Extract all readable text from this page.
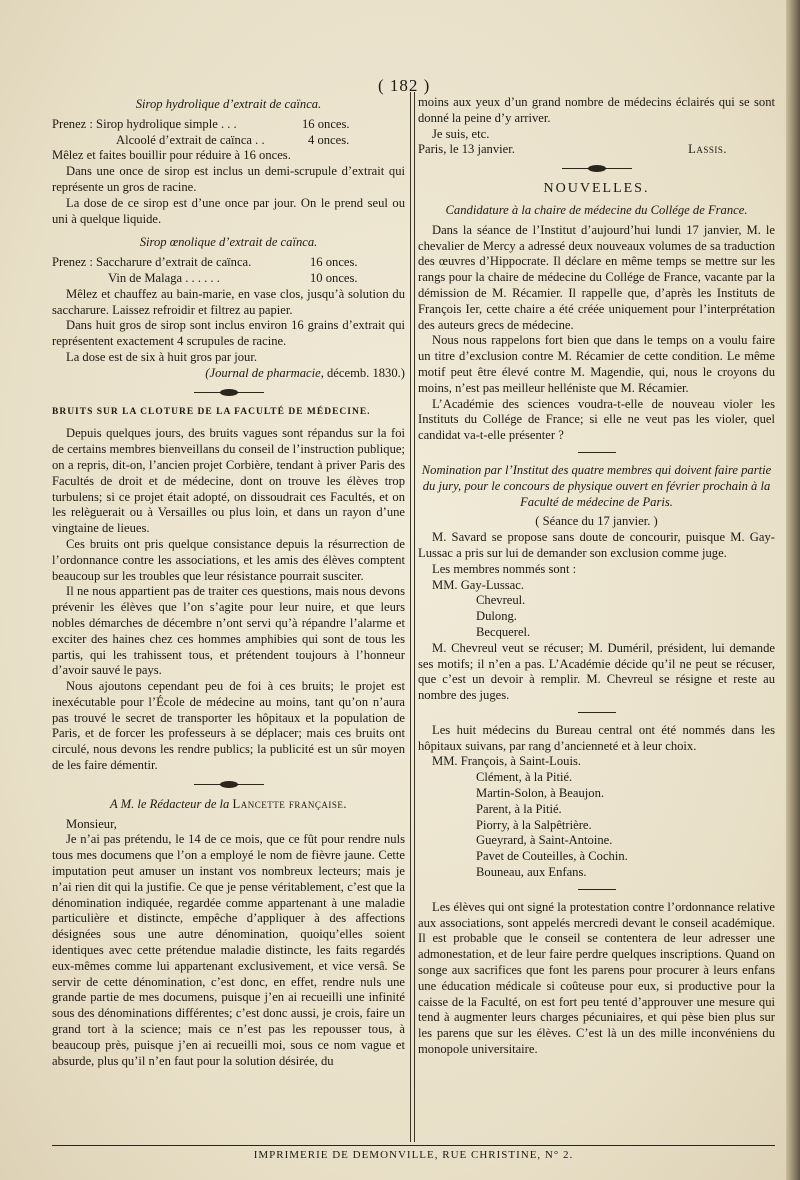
( 182 )

Sirop hydrolique d’extrait de caïnca.

Prenez : Sirop hydrolique simple . . .	16 onces.
Alcoolé d’extrait de caïnca . .	4 onces.

Mêlez et faites bouillir pour réduire à 16 onces.

Dans une once de sirop est inclus un demi-scrupule d’extrait qui représente un gros de racine.

La dose de ce sirop est d’une once par jour. On le prend seul ou uni à quelque liquide.

Sirop œnolique d’extrait de caïnca.

Prenez : Saccharure d’extrait de caïnca.	16 onces.
Vin de Malaga . . . . . .	10 onces.

Mêlez et chauffez au bain-marie, en vase clos, jusqu’à solution du saccharure. Laissez refroidir et filtrez au papier.

Dans huit gros de sirop sont inclus environ 16 grains d’extrait qui représentent exactement 4 scrupules de racine.

La dose est de six à huit gros par jour.

(Journal de pharmacie, décemb. 1830.)

BRUITS SUR LA CLOTURE DE LA FACULTÉ DE MÉDECINE.

Depuis quelques jours, des bruits vagues sont répandus sur la foi de certains membres bienveillans du conseil de l’instruction publique; on a repris, dit-on, l’ancien projet Corbière, tendant à priver Paris des Facultés de droit et de médecine, dont on trouve les élèves trop turbulens; si ce projet était adopté, on dissoudrait ces Facultés, et on les relèguerait ou à Versailles ou plus loin, et dans un rayon d’une vingtaine de lieues.

Ces bruits ont pris quelque consistance depuis la résurrection de l’ordonnance contre les associations, et les amis des élèves comptent beaucoup sur les troubles que leur résistance pourrait susciter.

Il ne nous appartient pas de traiter ces questions, mais nous devons prévenir les élèves que l’on s’agite pour leur nuire, et que leurs nobles démarches de décembre n’ont servi qu’à répandre l’alarme et exciter des haines chez ces hommes amphibies qui sont de tous les partis, qui les trahissent tous, et prétendent toujours à l’honneur d’avoir sauvé le pays.

Nous ajoutons cependant peu de foi à ces bruits; le projet est inexécutable pour l’École de médecine au moins, tant qu’on n’aura pas trouvé le secret de transporter les hôpitaux et la population de Paris, et de forcer les professeurs à se déplacer; mais ces bruits ont circulé, nous devons les rendre publics; la publicité est un sûr moyen de les faire démentir.

A M. le Rédacteur de la Lancette française.

Monsieur,

Je n’ai pas prétendu, le 14 de ce mois, que ce fût pour rendre nuls tous mes documens que l’on a employé le nom de fièvre jaune. Cette imputation peut amuser un instant vos nombreux lecteurs; mais je n’ai rien dit qui la justifie. Ce que je pense véritablement, c’est que la dénomination indiquée, regardée comme appartenant à une maladie particulière et distincte, empêche d’appliquer à des affections désignées sous une autre dénomination, quoiqu’elles soient identiques avec cette prétendue maladie distincte, les faits regardés eux-mêmes comme lui appartenant exclusivement, et vice versâ. Se servir de cette dénomination, c’est donc, en effet, rendre nuls une grande partie de mes documens, puisque j’en ai recueilli une infinité sous des dénominations différentes; c’est donc aussi, je crois, faire un grand tort à la science; mais ce n’est pas les repousser tous, à beaucoup près, puisque j’en ai recueilli moi, sous ce nom vague et absurde, plus qu’il n’en faut pour la solution désirée, du

moins aux yeux d’un grand nombre de médecins éclairés qui se sont donné la peine d’y arriver.

Je suis, etc.

Paris, le 13 janvier.	Lassis.

NOUVELLES.

Candidature à la chaire de médecine du Collége de France.

Dans la séance de l’Institut d’aujourd’hui lundi 17 janvier, M. le chevalier de Mercy a adressé deux nouveaux volumes de sa traduction des œuvres d’Hippocrate. Il déclare en même temps se mettre sur les rangs pour la chaire de médecine du Collége de France, vacante par la démission de M. Récamier. Il rappelle que, d’après les Instituts de François Ier, cette chaire a été créée uniquement pour l’interprétation des auteurs grecs de médecine.

Nous nous rappelons fort bien que dans le temps on a voulu faire un titre d’exclusion contre M. Récamier de cette condition. Le même motif peut être élevé contre M. Magendie, qui, nous le croyons du moins, n’est pas meilleur helléniste que M. Récamier.

L’Académie des sciences voudra-t-elle de nouveau violer les Instituts du Collége de France; si elle ne veut pas les violer, quel candidat va-t-elle présenter ?

Nomination par l’Institut des quatre membres qui doivent faire partie du jury, pour le concours de physique ouvert en février prochain à la Faculté de médecine de Paris.

( Séance du 17 janvier. )

M. Savard se propose sans doute de concourir, puisque M. Gay-Lussac a pris sur lui de demander son exclusion comme juge.

Les membres nommés sont :

MM. Gay-Lussac.

Chevreul.

Dulong.

Becquerel.

M. Chevreul veut se récuser; M. Duméril, président, lui demande ses motifs; il n’en a pas. L’Académie décide qu’il ne peut se récuser, que c’est un devoir à remplir. M. Chevreul se résigne et reste au nombre des juges.

Les huit médecins du Bureau central ont été nommés dans les hôpitaux suivans, par rang d’ancienneté et à leur choix.

MM. François, à Saint-Louis.

Clément, à la Pitié.

Martin-Solon, à Beaujon.

Parent, à la Pitié.

Piorry, à la Salpêtrière.

Gueyrard, à Saint-Antoine.

Pavet de Couteilles, à Cochin.

Bouneau, aux Enfans.

Les élèves qui ont signé la protestation contre l’ordonnance relative aux associations, sont appelés mercredi devant le conseil académique. Il est probable que le conseil se contentera de leur adresser une admonestation, et de leur faire perdre quelques inscriptions. Quand on songe aux sacrifices que font les parens pour procurer à leurs enfans une éducation médicale si coûteuse pour eux, si productive pour la caisse de la Faculté, on est fort peu tenté d’approuver une mesure qui tend à augmenter leurs charges pécuniaires, et qui pèse bien plus sur les parens que sur les élèves. C’est là un des mille inconvéniens du monopole universitaire.

IMPRIMERIE DE DEMONVILLE, RUE CHRISTINE, N° 2.
